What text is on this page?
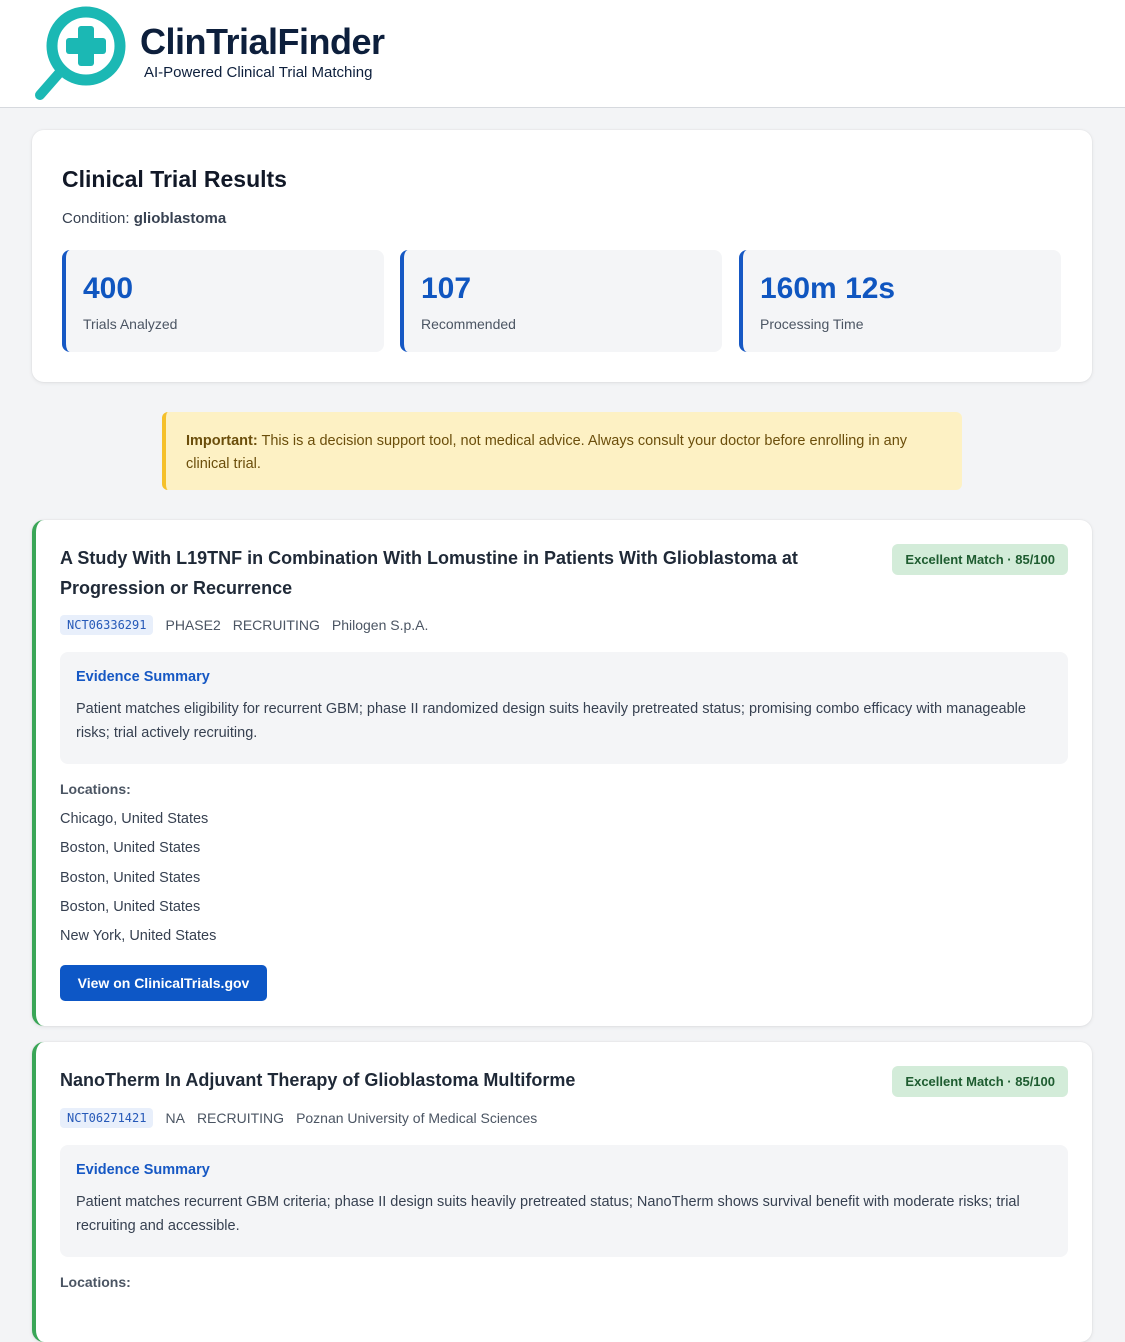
ClinTrialFinder
AI-Powered Clinical Trial Matching
Clinical Trial Results
Condition: glioblastoma
400
Trials Analyzed
107
Recommended
160m 12s
Processing Time
Important: This is a decision support tool, not medical advice. Always consult your doctor before enrolling in any clinical trial.
A Study With L19TNF in Combination With Lomustine in Patients With Glioblastoma at Progression or Recurrence
Excellent Match · 85/100
NCT06336291	PHASE2 RECRUITING Philogen S.p.A.
Evidence Summary

Patient matches eligibility for recurrent GBM; phase II randomized design suits heavily pretreated status; promising combo efficacy with manageable risks; trial actively recruiting.

Locations:
Chicago, United States
Boston, United States
Boston, United States
Boston, United States
New York, United States
View on ClinicalTrials.gov
NanoTherm In Adjuvant Therapy of Glioblastoma Multiforme	Excellent Match · 85/100
NCT06271421	NA RECRUITING Poznan University of Medical Sciences
Evidence Summary

Patient matches recurrent GBM criteria; phase II design suits heavily pretreated status; NanoTherm shows survival benefit with moderate risks; trial recruiting and accessible.

Locations:
